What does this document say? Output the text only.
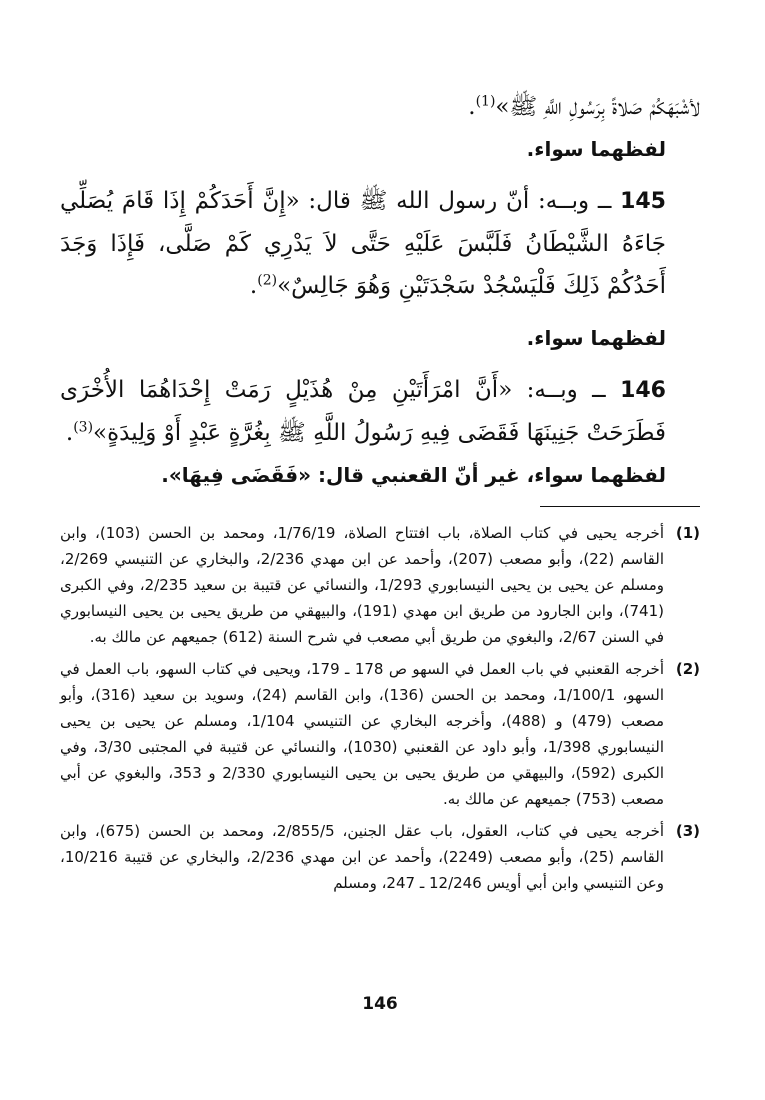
لأشْبَهَكُمْ صَلاةً بِرَسُولِ اللَّهِ ﷺ»$^{(1)}$.

لفظهما سواء.

145 ــ وبــه: أنّ رسول الله ﷺ قال: «إِنَّ أَحَدَكُمْ إِذَا قَامَ يُصَلِّي جَاءَهُ الشَّيْطَانُ فَلَبَّسَ عَلَيْهِ حَتَّى لاَ يَدْرِي كَمْ صَلَّى، فَإِذَا وَجَدَ أَحَدُكُمْ ذَلِكَ فَلْيَسْجُدْ سَجْدَتَيْنِ وَهُوَ جَالِسٌ»$^{(2)}$.

لفظهما سواء.

146 ــ وبــه: «أَنَّ امْرَأَتَيْنِ مِنْ هُذَيْلٍ رَمَتْ إِحْدَاهُمَا الأُخْرَى فَطَرَحَتْ جَنِينَهَا فَقَضَى فِيهِ رَسُولُ اللَّهِ ﷺ بِغُرَّةٍ عَبْدٍ أَوْ وَلِيدَةٍ»$^{(3)}$.

لفظهما سواء، غير أنّ القعنبي قال: «فَقَضَى فِيهَا».

(1)
أخرجه يحيى في كتاب الصلاة، باب افتتاح الصلاة، 1/76/19، ومحمد بن الحسن (103)، وابن القاسم (22)، وأبو مصعب (207)، وأحمد عن ابن مهدي 2/236، والبخاري عن التنيسي 2/269، ومسلم عن يحيى بن يحيى النيسابوري 1/293، والنسائي عن قتيبة بن سعيد 2/235، وفي الكبرى (741)، وابن الجارود من طريق ابن مهدي (191)، والبيهقي من طريق يحيى بن يحيى النيسابوري في السنن 2/67، والبغوي من طريق أبي مصعب في شرح السنة (612) جميعهم عن مالك به.
(2)
أخرجه القعنبي في باب العمل في السهو ص 178 ـ 179، ويحيى في كتاب السهو، باب العمل في السهو، 1/100/1، ومحمد بن الحسن (136)، وابن القاسم (24)، وسويد بن سعيد (316)، وأبو مصعب (479) و (488)، وأخرجه البخاري عن التنيسي 1/104، ومسلم عن يحيى بن يحيى النيسابوري 1/398، وأبو داود عن القعنبي (1030)، والنسائي عن قتيبة في المجتبى 3/30، وفي الكبرى (592)، والبيهقي من طريق يحيى بن يحيى النيسابوري 2/330 و 353، والبغوي عن أبي مصعب (753) جميعهم عن مالك به.
(3)
أخرجه يحيى في كتاب، العقول، باب عقل الجنين، 2/855/5، ومحمد بن الحسن (675)، وابن القاسم (25)، وأبو مصعب (2249)، وأحمد عن ابن مهدي 2/236، والبخاري عن قتيبة 10/216، وعن التنيسي وابن أبي أويس 12/246 ـ 247، ومسلم
146
